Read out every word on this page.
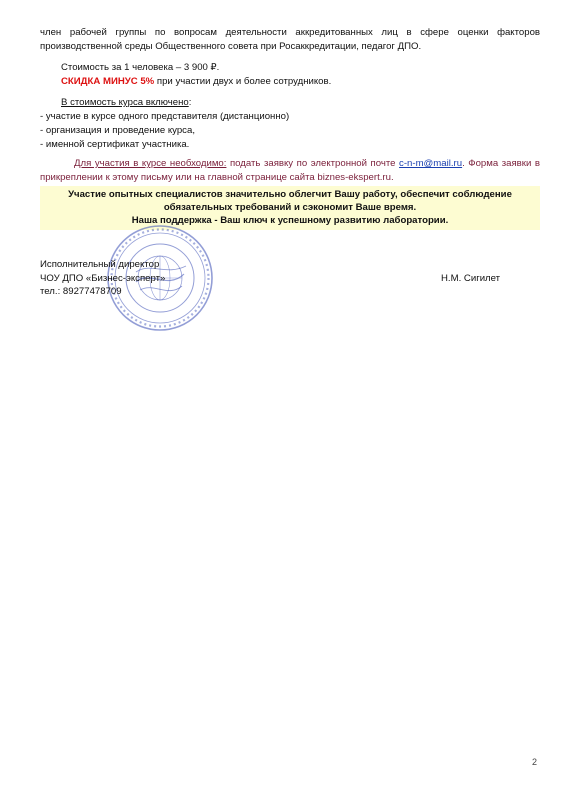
член рабочей группы по вопросам деятельности аккредитованных лиц в сфере оценки факторов

производственной среды Общественного совета при Росаккредитации, педагог ДПО.

Стоимость за 1 человека – 3 900 ₽.

СКИДКА МИНУС 5% при участии двух и более сотрудников.

В стоимость курса включено:

- участие в курсе одного представителя (дистанционно)

- организация и проведение курса,

- именной сертификат участника.

Для участия в курсе необходимо: подать заявку по электронной почте c-n-m@mail.ru. Форма заявки в

прикреплении к этому письму или на главной странице сайта biznes-ekspert.ru.

Участие опытных специалистов значительно облегчит Вашу работу, обеспечит соблюдение
обязательных требований и сэкономит Ваше время.
Наша поддержка - Ваш ключ к успешному развитию лаборатории.
Исполнительный директор
ЧОУ ДПО «Бизнес-эксперт»	Н.М. Сигилет
тел.: 89277478709
2
